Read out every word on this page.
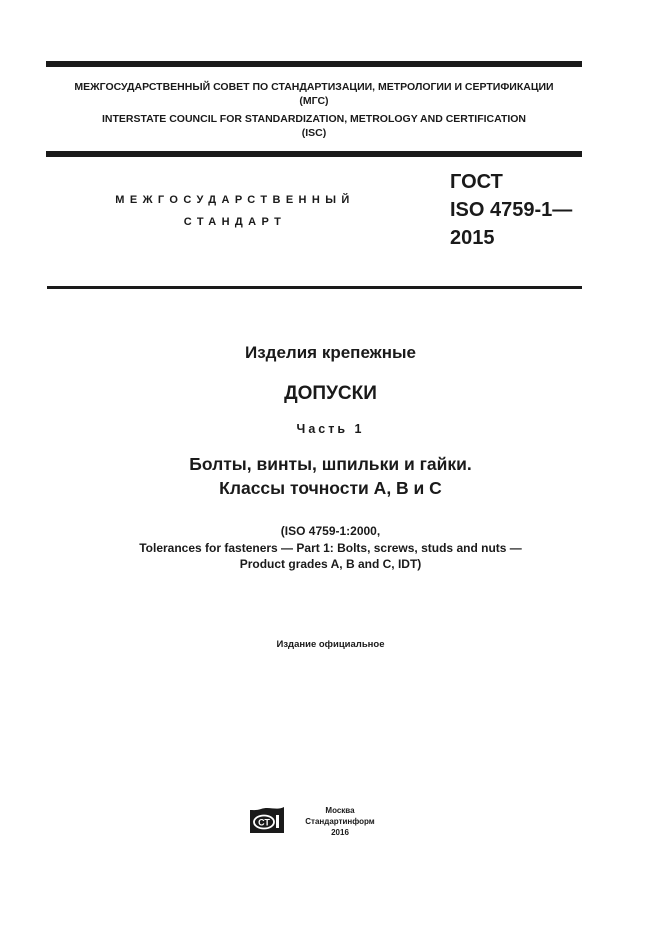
МЕЖГОСУДАРСТВЕННЫЙ СОВЕТ ПО СТАНДАРТИЗАЦИИ, МЕТРОЛОГИИ И СЕРТИФИКАЦИИ
(МГС)
INTERSTATE COUNCIL FOR STANDARDIZATION, METROLOGY AND CERTIFICATION
(ISC)
МЕЖГОСУДАРСТВЕННЫЙ
СТАНДАРТ
ГОСТ
ISO 4759-1—
2015
Изделия крепежные
ДОПУСКИ
Часть 1
Болты, винты, шпильки и гайки.
Классы точности А, В и С
(ISO 4759-1:2000,
Tolerances for fasteners — Part 1: Bolts, screws, studs and nuts —
Product grades A, B and C, IDT)
Издание официальное
СТ
Москва
Стандартинформ
2016
